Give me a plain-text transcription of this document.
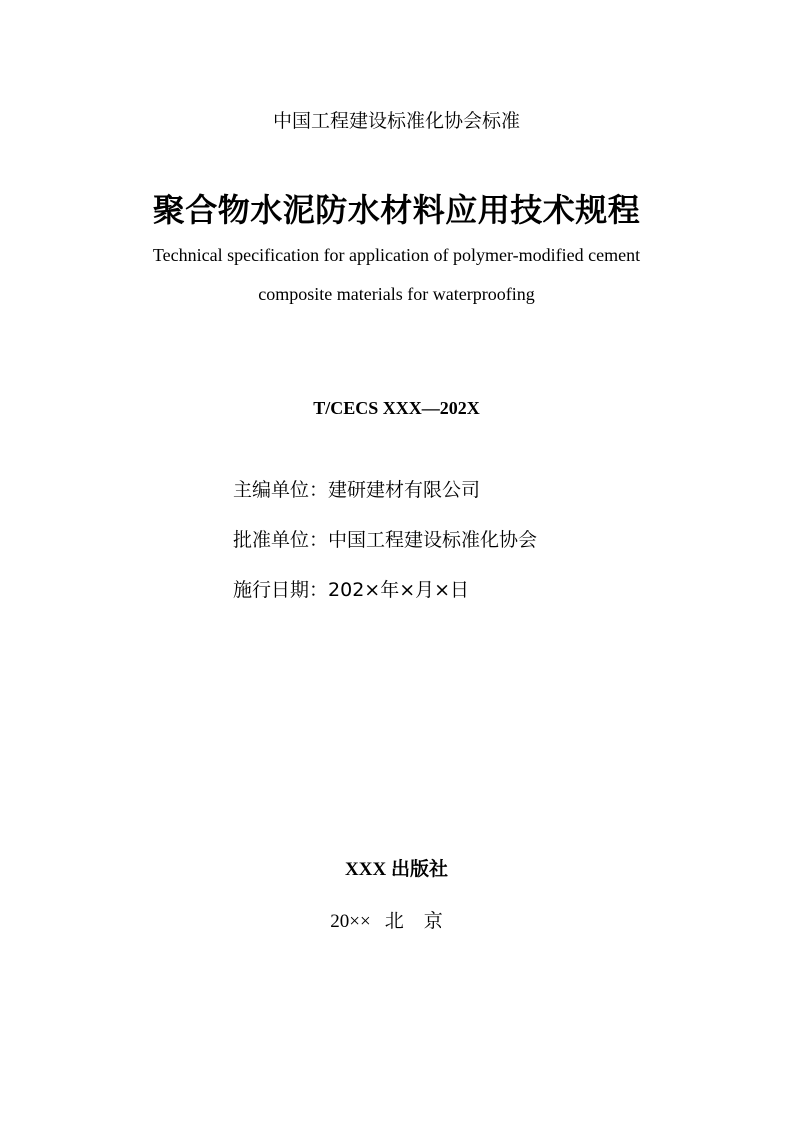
中国工程建设标准化协会标准
聚合物水泥防水材料应用技术规程
Technical specification for application of polymer-modified cement
composite materials for waterproofing
T/CECS XXX—202X
主编单位：建研建材有限公司
批准单位：中国工程建设标准化协会
施行日期：202×年×月×日
XXX 出版社
20×× 北京
